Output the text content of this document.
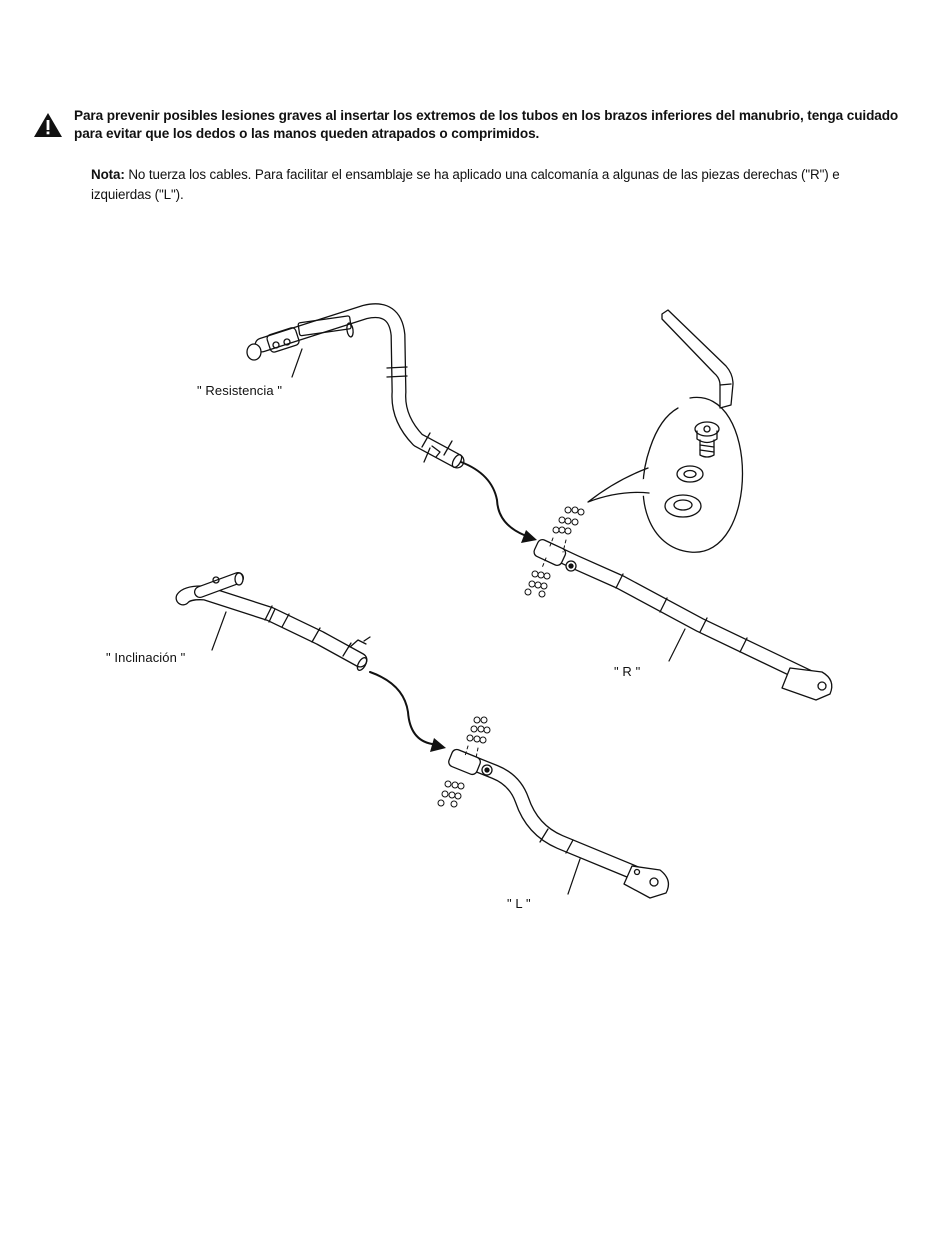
Para prevenir posibles lesiones graves al insertar los extremos de los tubos en los brazos inferiores del manubrio, tenga cuidado para evitar que los dedos o las manos queden atrapados o comprimidos.
Nota: No tuerza los cables. Para facilitar el ensamblaje se ha aplicado una calcomanía a algunas de las piezas derechas ("R") e izquierdas ("L").
" Resistencia "
" Inclinación "
" R "
" L "
